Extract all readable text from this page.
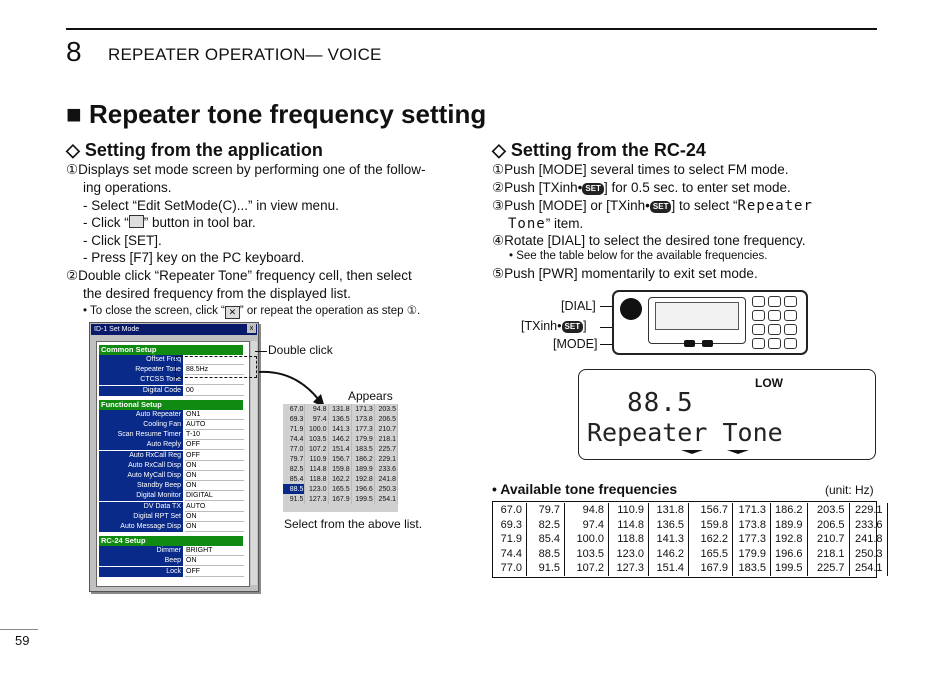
8 REPEATER OPERATION— VOICE
■ Repeater tone frequency setting
◇ Setting from the application
①Displays set mode screen by performing one of the follow-
ing operations.
- Select “Edit SetMode(C)...” in view menu.
- Click “ ” button in tool bar.
- Click [SET].
- Press [F7] key on the PC keyboard.
②Double click “Repeater Tone” frequency cell, then select
the desired frequency from the displayed list.
• To close the screen, click “ ✕ ” or repeat the operation as step ①.
ID-1 Set Mode	x
Common Setup
Offset Freq
Repeater Tone 88.5Hz
CTCSS Tone
Digital Code 00
Functional Setup
Auto Repeater ON1
Cooling Fan AUTO
Scan Resume Timer T-10
Auto Reply OFF
Auto RxCall Reg OFF
Auto RxCall Disp ON
Auto MyCall Disp ON
Standby Beep ON
Digital Monitor DIGITAL
DV Data TX AUTO
Digital RPT Set ON
Auto Message Disp ON
RC-24 Setup
Dimmer BRIGHT
Beep ON
Lock OFF
Double click
Appears
67.0	94.8	131.8	171.3	203.5
69.3	97.4	136.5	173.8	206.5
71.9	100.0	141.3	177.3	210.7
74.4	103.5	146.2	179.9	218.1
77.0	107.2	151.4	183.5	225.7
79.7	110.9	156.7	186.2	229.1
82.5	114.8	159.8	189.9	233.6
85.4	118.8	162.2	192.8	241.8
88.5	123.0	165.5	196.6	250.3
91.5	127.3	167.9	199.5	254.1
Select from the above list.
◇ Setting from the RC-24
①Push [MODE] several times to select FM mode.
②Push [TXinh• SET ] for 0.5 sec. to enter set mode.
③Push [MODE] or [TXinh• SET ] to select “Repeater
Tone” item.
④Rotate [DIAL] to select the desired tone frequency.
• See the table below for the available frequencies.
⑤Push [PWR] momentarily to exit set mode.
[DIAL]
[TXinh• SET ]
[MODE]
LOW
88.5
Repeater Tone
• Available tone frequencies	(unit: Hz)
67.0	79.7	94.8	110.9	131.8	156.7	171.3	186.2	203.5	229.1
69.3	82.5	97.4	114.8	136.5	159.8	173.8	189.9	206.5	233.6
71.9	85.4	100.0	118.8	141.3	162.2	177.3	192.8	210.7	241.8
74.4	88.5	103.5	123.0	146.2	165.5	179.9	196.6	218.1	250.3
77.0	91.5	107.2	127.3	151.4	167.9	183.5	199.5	225.7	254.1
59
